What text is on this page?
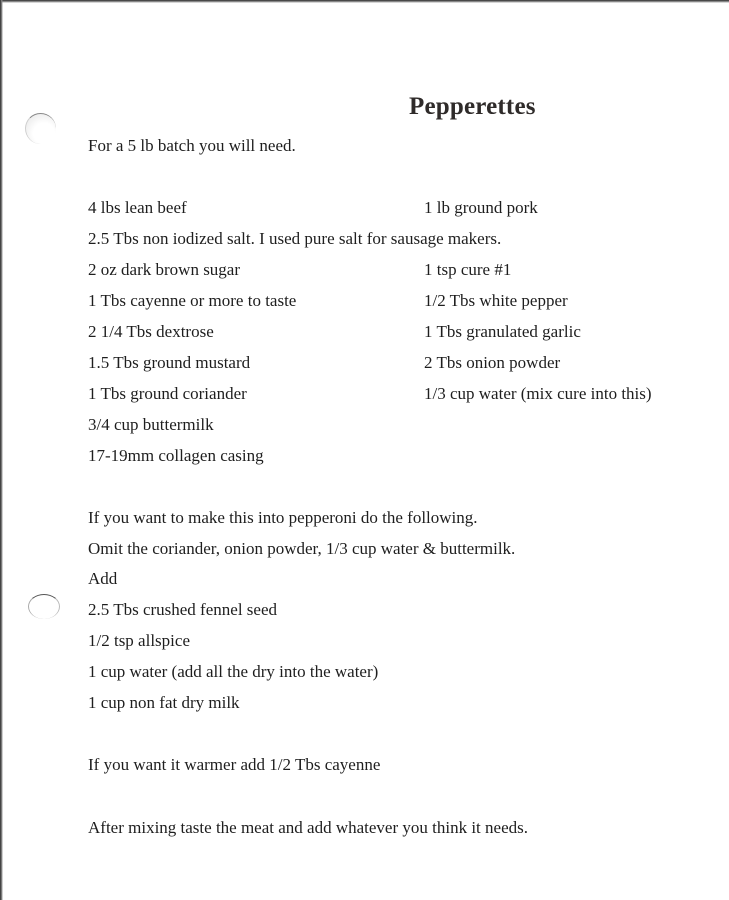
Pepperettes
For a 5 lb batch you will need.
4 lbs lean beef	1 lb ground pork
2.5 Tbs non iodized salt. I used pure salt for sausage makers.
2 oz dark brown sugar	1 tsp cure #1
1 Tbs cayenne or more to taste	1/2 Tbs white pepper
2 1/4 Tbs dextrose	1 Tbs granulated garlic
1.5 Tbs ground mustard	2 Tbs onion powder
1 Tbs ground coriander	1/3 cup water (mix cure into this)
3/4 cup buttermilk
17-19mm collagen casing
If you want to make this into pepperoni do the following.
Omit the coriander, onion powder, 1/3 cup water & buttermilk.
Add
2.5 Tbs crushed fennel seed
1/2 tsp allspice
1 cup water (add all the dry into the water)
1 cup non fat dry milk
If you want it warmer add 1/2 Tbs cayenne
After mixing taste the meat and add whatever you think it needs.
